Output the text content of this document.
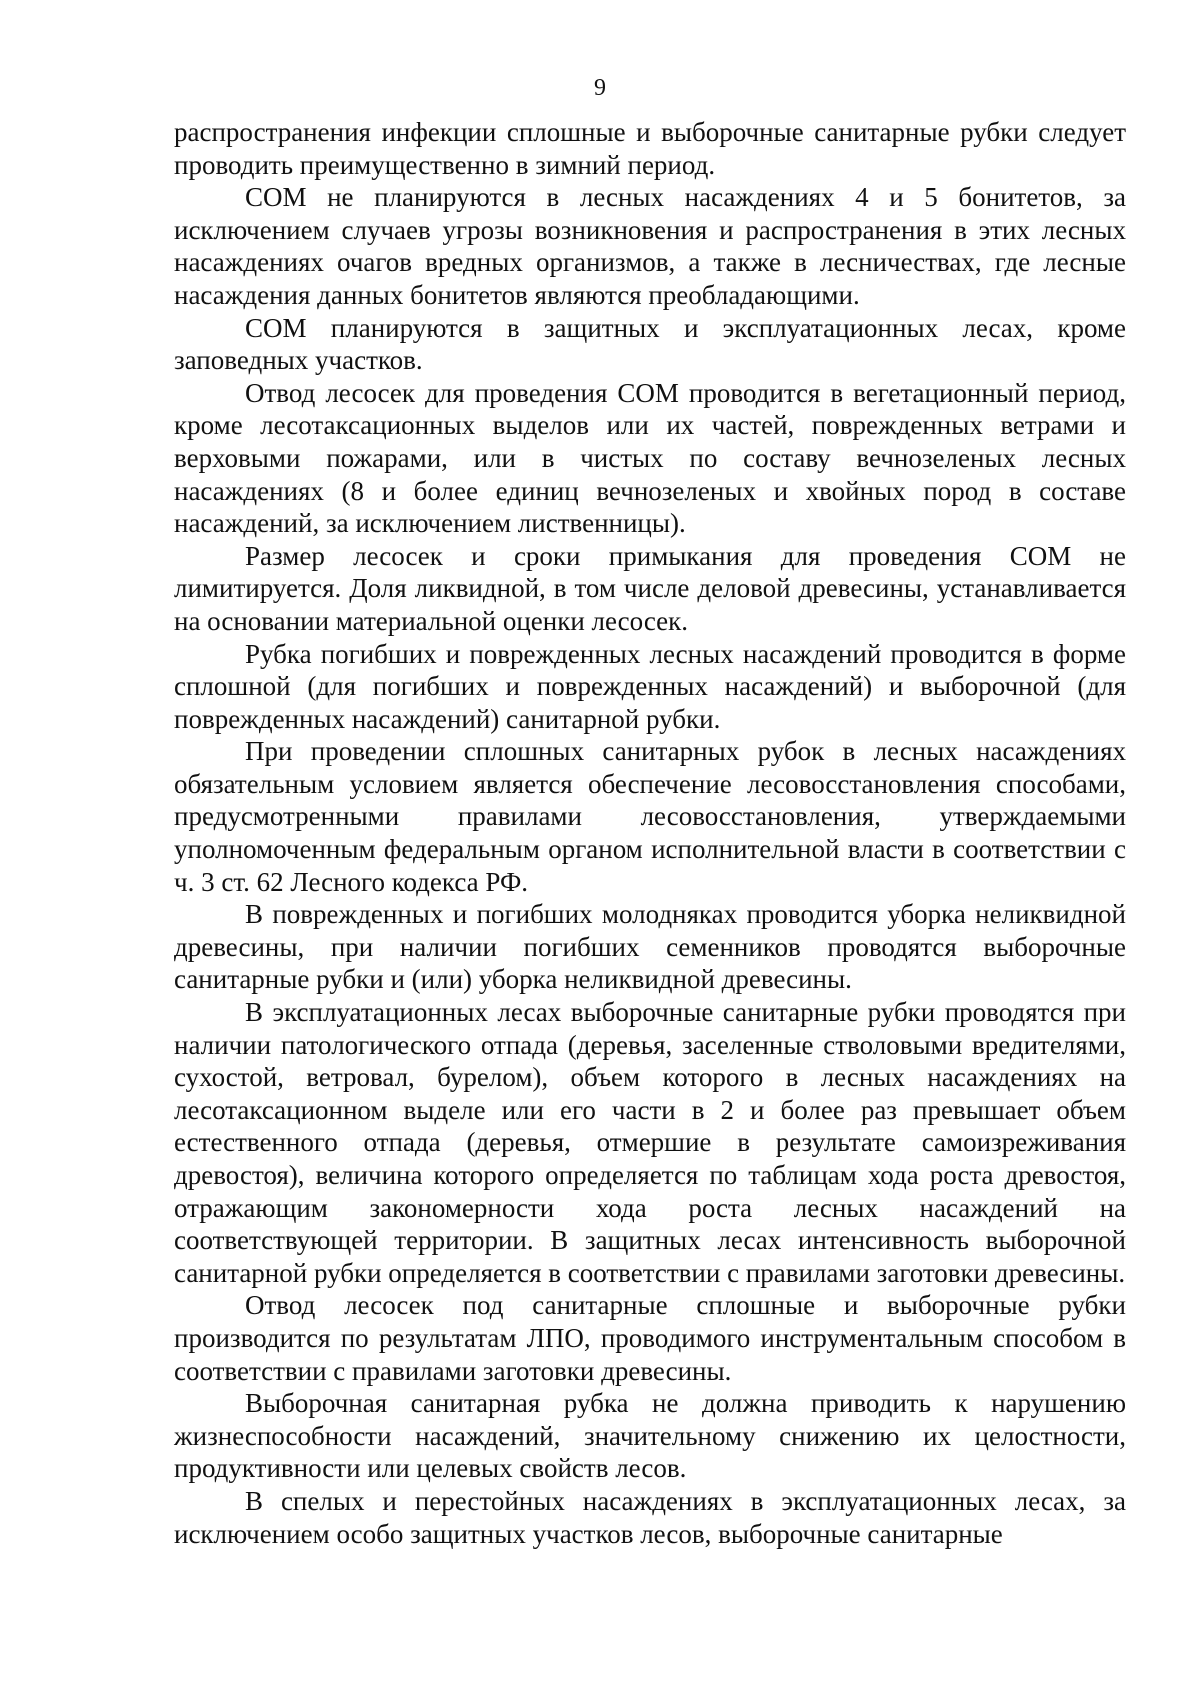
9

распространения инфекции сплошные и выборочные санитарные рубки следует проводить преимущественно в зимний период.

СОМ не планируются в лесных насаждениях 4 и 5 бонитетов, за исключением случаев угрозы возникновения и распространения в этих лесных насаждениях очагов вредных организмов, а также в лесничествах, где лесные насаждения данных бонитетов являются преобладающими.

СОМ планируются в защитных и эксплуатационных лесах, кроме заповедных участков.

Отвод лесосек для проведения СОМ проводится в вегетационный период, кроме лесотаксационных выделов или их частей, поврежденных ветрами и верховыми пожарами, или в чистых по составу вечнозеленых лесных насаждениях (8 и более единиц вечнозеленых и хвойных пород в составе насаждений, за исключением лиственницы).

Размер лесосек и сроки примыкания для проведения СОМ не лимитируется. Доля ликвидной, в том числе деловой древесины, устанавливается на основании материальной оценки лесосек.

Рубка погибших и поврежденных лесных насаждений проводится в форме сплошной (для погибших и поврежденных насаждений) и выборочной (для поврежденных насаждений) санитарной рубки.

При проведении сплошных санитарных рубок в лесных насаждениях обязательным условием является обеспечение лесовосстановления способами, предусмотренными правилами лесовосстановления, утверждаемыми уполномоченным федеральным органом исполнительной власти в соответствии с ч. 3 ст. 62 Лесного кодекса РФ.

В поврежденных и погибших молодняках проводится уборка неликвидной древесины, при наличии погибших семенников проводятся выборочные санитарные рубки и (или) уборка неликвидной древесины.

В эксплуатационных лесах выборочные санитарные рубки проводятся при наличии патологического отпада (деревья, заселенные стволовыми вредителями, сухостой, ветровал, бурелом), объем которого в лесных насаждениях на лесотаксационном выделе или его части в 2 и более раз превышает объем естественного отпада (деревья, отмершие в результате самоизреживания древостоя), величина которого определяется по таблицам хода роста древостоя, отражающим закономерности хода роста лесных насаждений на соответствующей территории. В защитных лесах интенсивность выборочной санитарной рубки определяется в соответствии с правилами заготовки древесины.

Отвод лесосек под санитарные сплошные и выборочные рубки производится по результатам ЛПО, проводимого инструментальным способом в соответствии с правилами заготовки древесины.

Выборочная санитарная рубка не должна приводить к нарушению жизнеспособности насаждений, значительному снижению их целостности, продуктивности или целевых свойств лесов.

В спелых и перестойных насаждениях в эксплуатационных лесах, за исключением особо защитных участков лесов, выборочные санитарные
